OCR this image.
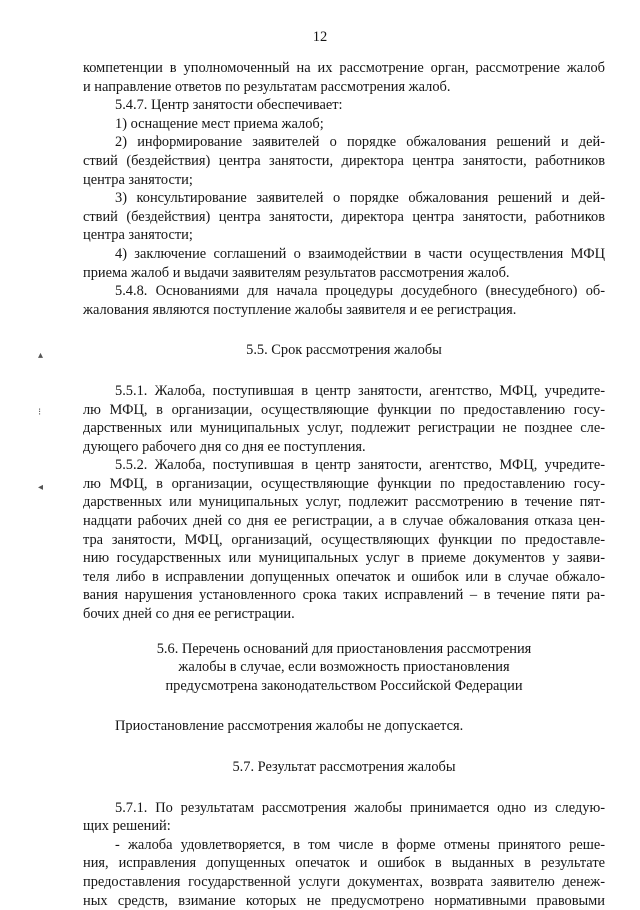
12
компетенции в уполномоченный на их рассмотрение орган, рассмотрение жалоб
и направление ответов по результатам рассмотрения жалоб.
5.4.7. Центр занятости обеспечивает:
1) оснащение мест приема жалоб;
2) информирование заявителей о порядке обжалования решений и дей-
ствий (бездействия) центра занятости, директора центра занятости, работников
центра занятости;
3) консультирование заявителей о порядке обжалования решений и дей-
ствий (бездействия) центра занятости, директора центра занятости, работников
центра занятости;
4) заключение соглашений о взаимодействии в части осуществления МФЦ
приема жалоб и выдачи заявителям результатов рассмотрения жалоб.
5.4.8. Основаниями для начала процедуры досудебного (внесудебного) об-
жалования являются поступление жалобы заявителя и ее регистрация.
5.5. Срок рассмотрения жалобы
5.5.1. Жалоба, поступившая в центр занятости, агентство, МФЦ, учредите-
лю МФЦ, в организации, осуществляющие функции по предоставлению госу-
дарственных или муниципальных услуг, подлежит регистрации не позднее сле-
дующего рабочего дня со дня ее поступления.
5.5.2. Жалоба, поступившая в центр занятости, агентство, МФЦ, учредите-
лю МФЦ, в организации, осуществляющие функции по предоставлению госу-
дарственных или муниципальных услуг, подлежит рассмотрению в течение пят-
надцати рабочих дней со дня ее регистрации, а в случае обжалования отказа цен-
тра занятости, МФЦ, организаций, осуществляющих функции по предоставле-
нию государственных или муниципальных услуг в приеме документов у заяви-
теля либо в исправлении допущенных опечаток и ошибок или в случае обжало-
вания нарушения установленного срока таких исправлений – в течение пяти ра-
бочих дней со дня ее регистрации.
5.6. Перечень оснований для приостановления рассмотрения
жалобы в случае, если возможность приостановления
предусмотрена законодательством Российской Федерации
Приостановление рассмотрения жалобы не допускается.
5.7. Результат рассмотрения жалобы
5.7.1. По результатам рассмотрения жалобы принимается одно из следую-
щих решений:
- жалоба удовлетворяется, в том числе в форме отмены принятого реше-
ния, исправления допущенных опечаток и ошибок в выданных в результате
предоставления государственной услуги документах, возврата заявителю денеж-
ных средств, взимание которых не предусмотрено нормативными правовыми
▴
⁝
◂
